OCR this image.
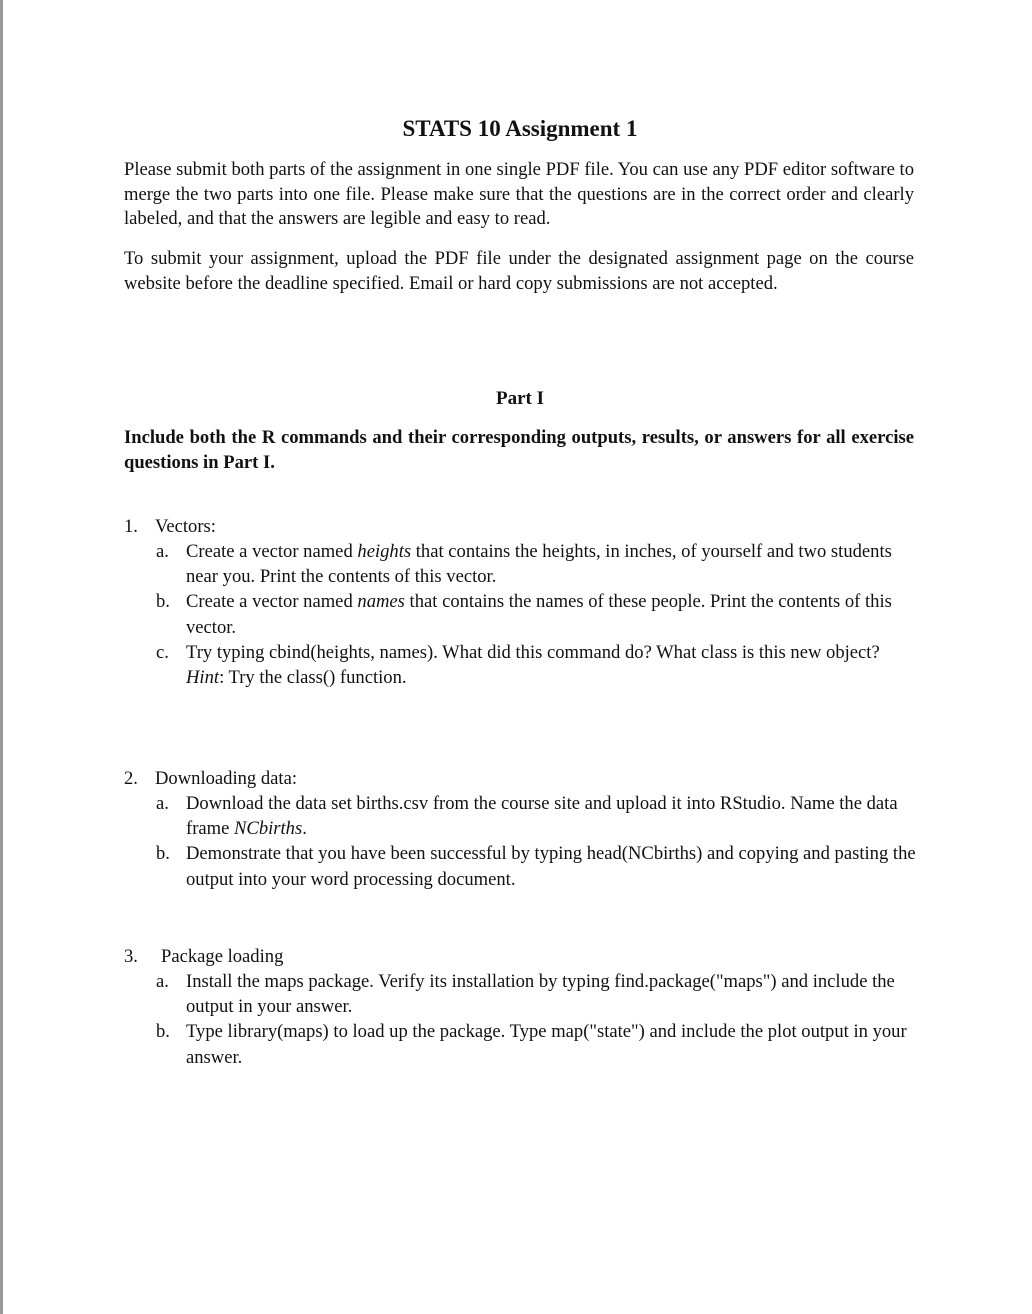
STATS 10 Assignment 1
Please submit both parts of the assignment in one single PDF file. You can use any PDF editor software to merge the two parts into one file. Please make sure that the questions are in the correct order and clearly labeled, and that the answers are legible and easy to read.
To submit your assignment, upload the PDF file under the designated assignment page on the course website before the deadline specified. Email or hard copy submissions are not accepted.
Part I
Include both the R commands and their corresponding outputs, results, or answers for all exercise questions in Part I.
1. Vectors:
a. Create a vector named heights that contains the heights, in inches, of yourself and two students near you. Print the contents of this vector.
b. Create a vector named names that contains the names of these people. Print the contents of this vector.
c. Try typing cbind(heights, names). What did this command do? What class is this new object?
Hint: Try the class() function.
2. Downloading data:
a. Download the data set births.csv from the course site and upload it into RStudio. Name the data frame NCbirths.
b. Demonstrate that you have been successful by typing head(NCbirths) and copying and pasting the output into your word processing document.
3. Package loading
a. Install the maps package. Verify its installation by typing find.package("maps") and include the output in your answer.
b. Type library(maps) to load up the package. Type map("state") and include the plot output in your answer.
